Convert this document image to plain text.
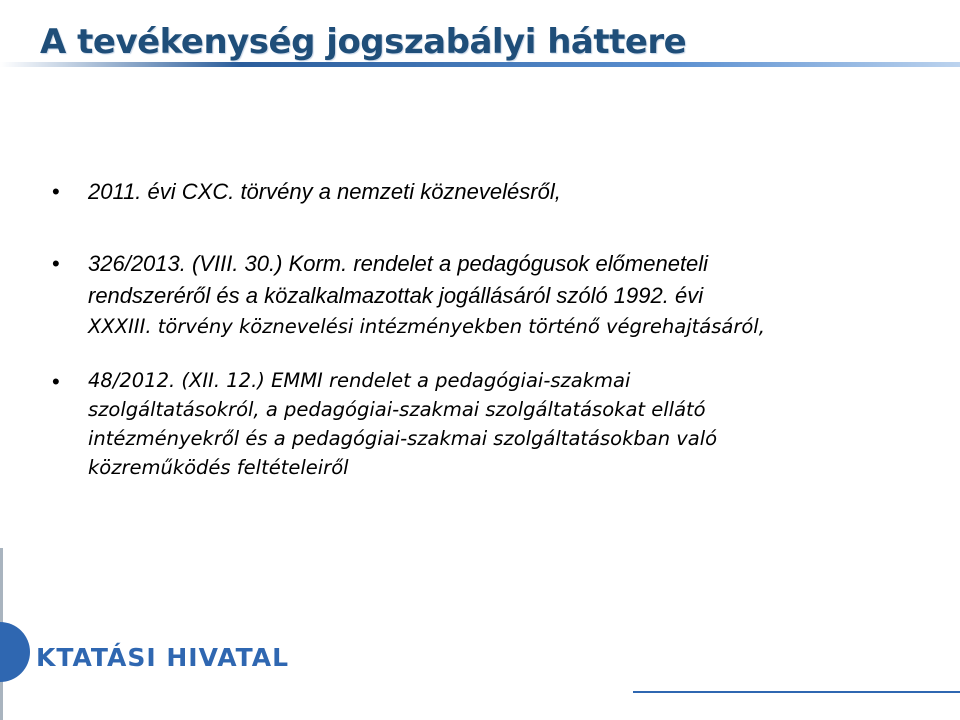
A tevékenység jogszabályi háttere
•	2011. évi CXC. törvény a nemzeti köznevelésről,
•	326/2013. (VIII. 30.) Korm. rendelet a pedagógusok előmeneteli
rendszeréről és a közalkalmazottak jogállásáról szóló 1992. évi
XXXIII. törvény köznevelési intézményekben történő végrehajtásáról,
•	48/2012. (XII. 12.) EMMI rendelet a pedagógiai-szakmai
szolgáltatásokról, a pedagógiai-szakmai szolgáltatásokat ellátó
intézményekről és a pedagógiai-szakmai szolgáltatásokban való
közreműködés feltételeiről
KTATÁSI HIVATAL
